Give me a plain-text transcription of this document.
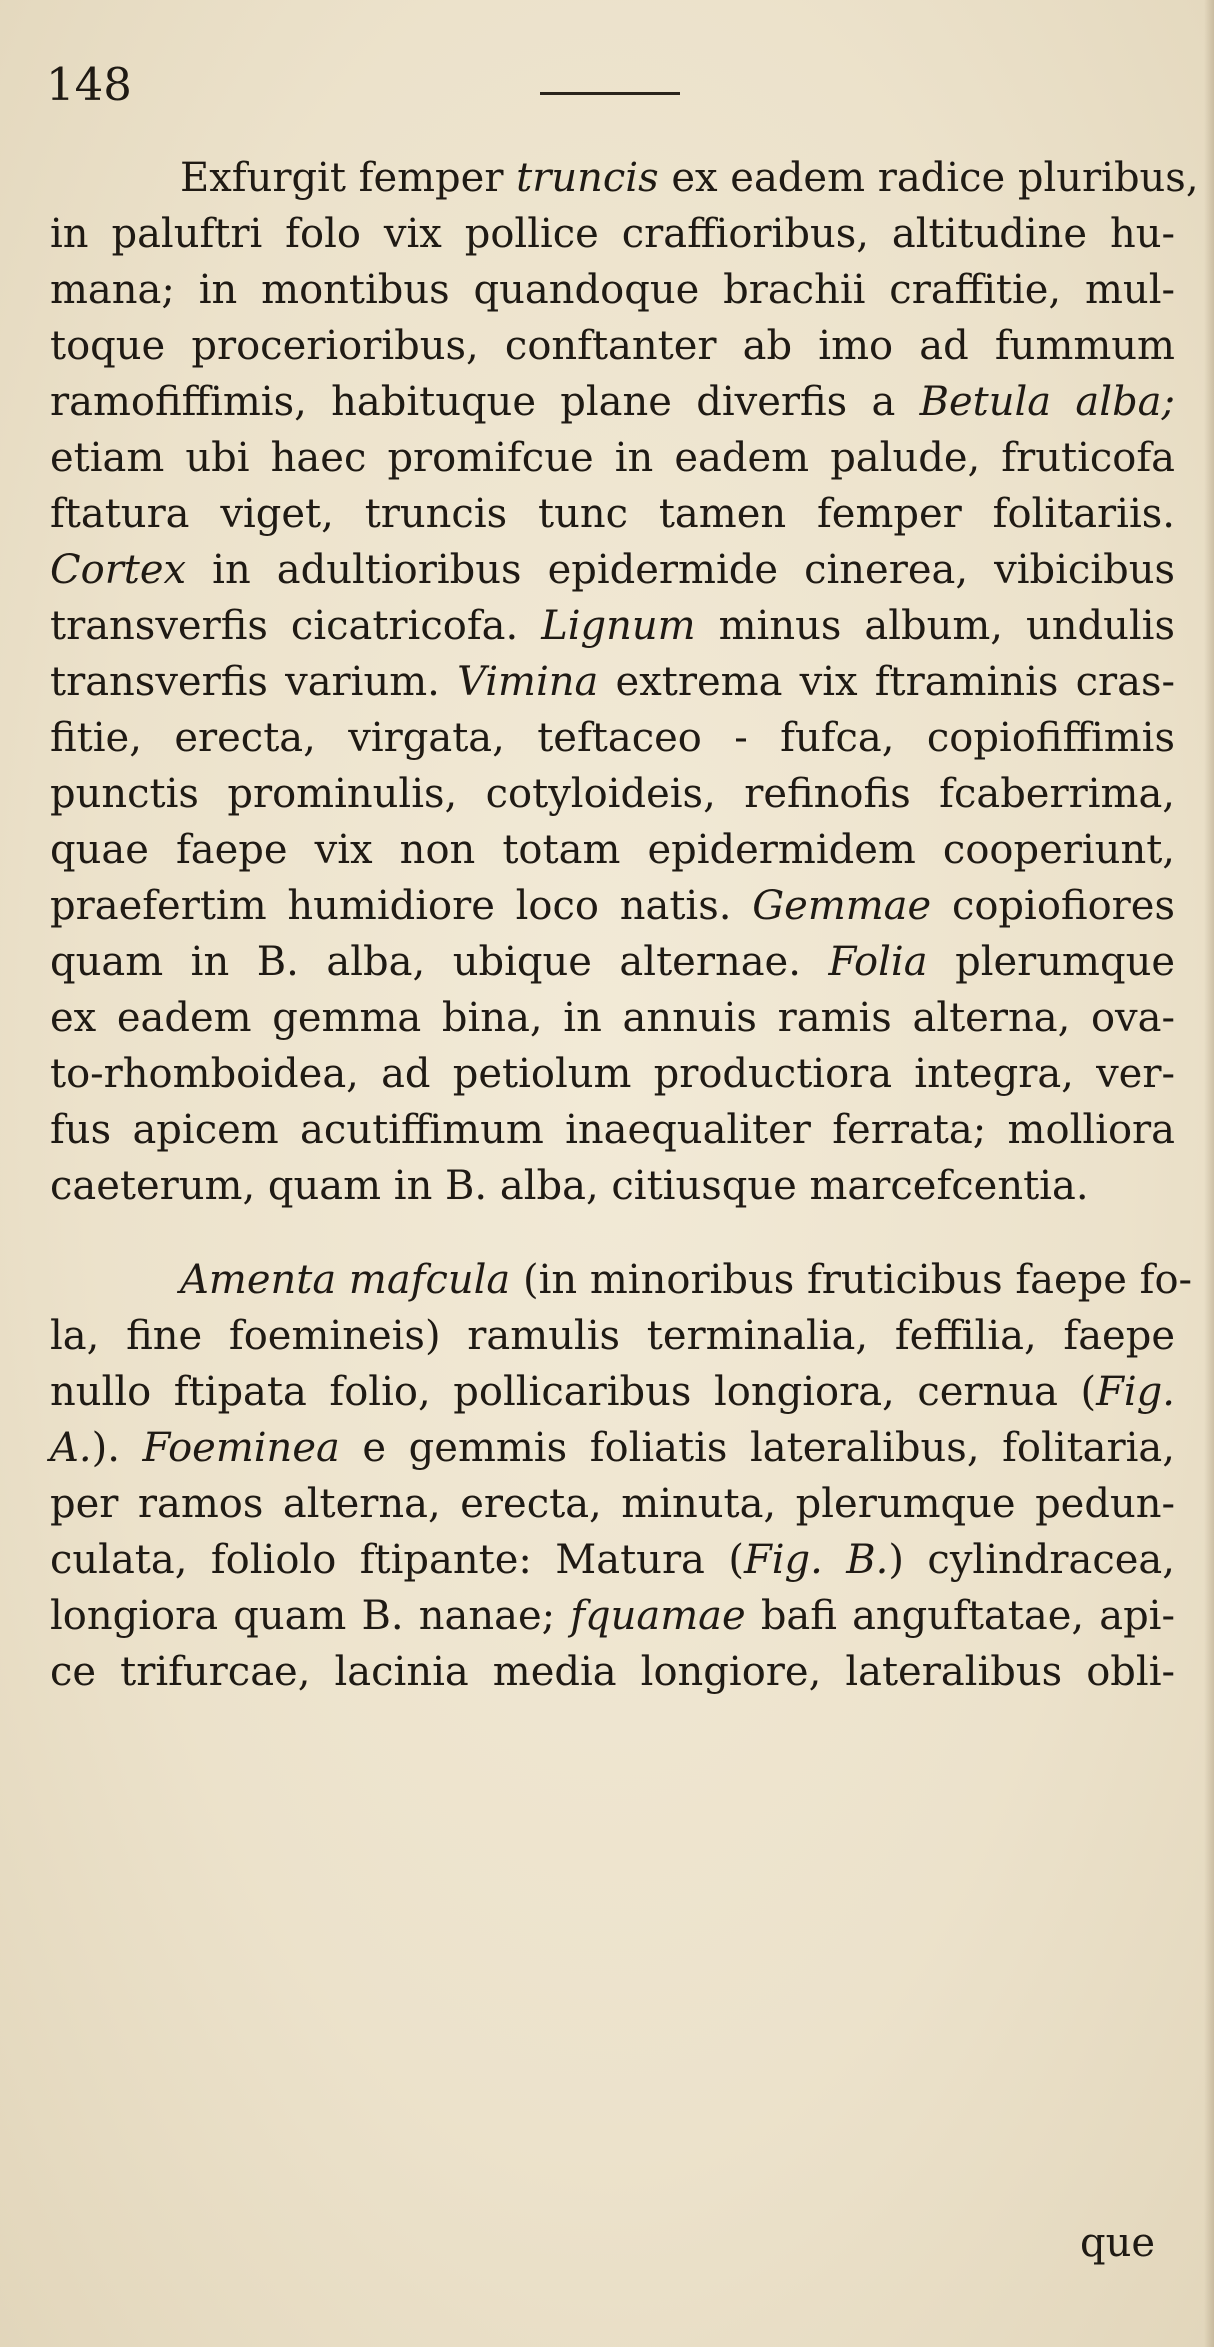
148
Exfurgit femper truncis ex eadem radice pluribus,
in paluftri folo vix pollice craffioribus, altitudine hu-
mana; in montibus quandoque brachii craffitie, mul-
toque procerioribus, conftanter ab imo ad fummum
ramofiffimis, habituque plane diverfis a Betula alba;
etiam ubi haec promifcue in eadem palude, fruticofa
ftatura viget, truncis tunc tamen femper folitariis.
Cortex in adultioribus epidermide cinerea, vibicibus
transverfis cicatricofa. Lignum minus album, undulis
transverfis varium. Vimina extrema vix ftraminis cras-
fitie, erecta, virgata, teftaceo - fufca, copiofiffimis
punctis prominulis, cotyloideis, refinofis fcaberrima,
quae faepe vix non totam epidermidem cooperiunt,
praefertim humidiore loco natis. Gemmae copiofiores
quam in B. alba, ubique alternae. Folia plerumque
ex eadem gemma bina, in annuis ramis alterna, ova-
to-rhomboidea, ad petiolum productiora integra, ver-
fus apicem acutiffimum inaequaliter ferrata; molliora
caeterum, quam in B. alba, citiusque marcefcentia.
Amenta mafcula (in minoribus fruticibus faepe fo-
la, fine foemineis) ramulis terminalia, feffilia, faepe
nullo ftipata folio, pollicaribus longiora, cernua (Fig.
A.). Foeminea e gemmis foliatis lateralibus, folitaria,
per ramos alterna, erecta, minuta, plerumque pedun-
culata, foliolo ftipante: Matura (Fig. B.) cylindracea,
longiora quam B. nanae; fquamae bafi anguftatae, api-
ce trifurcae, lacinia media longiore, lateralibus obli-
que
